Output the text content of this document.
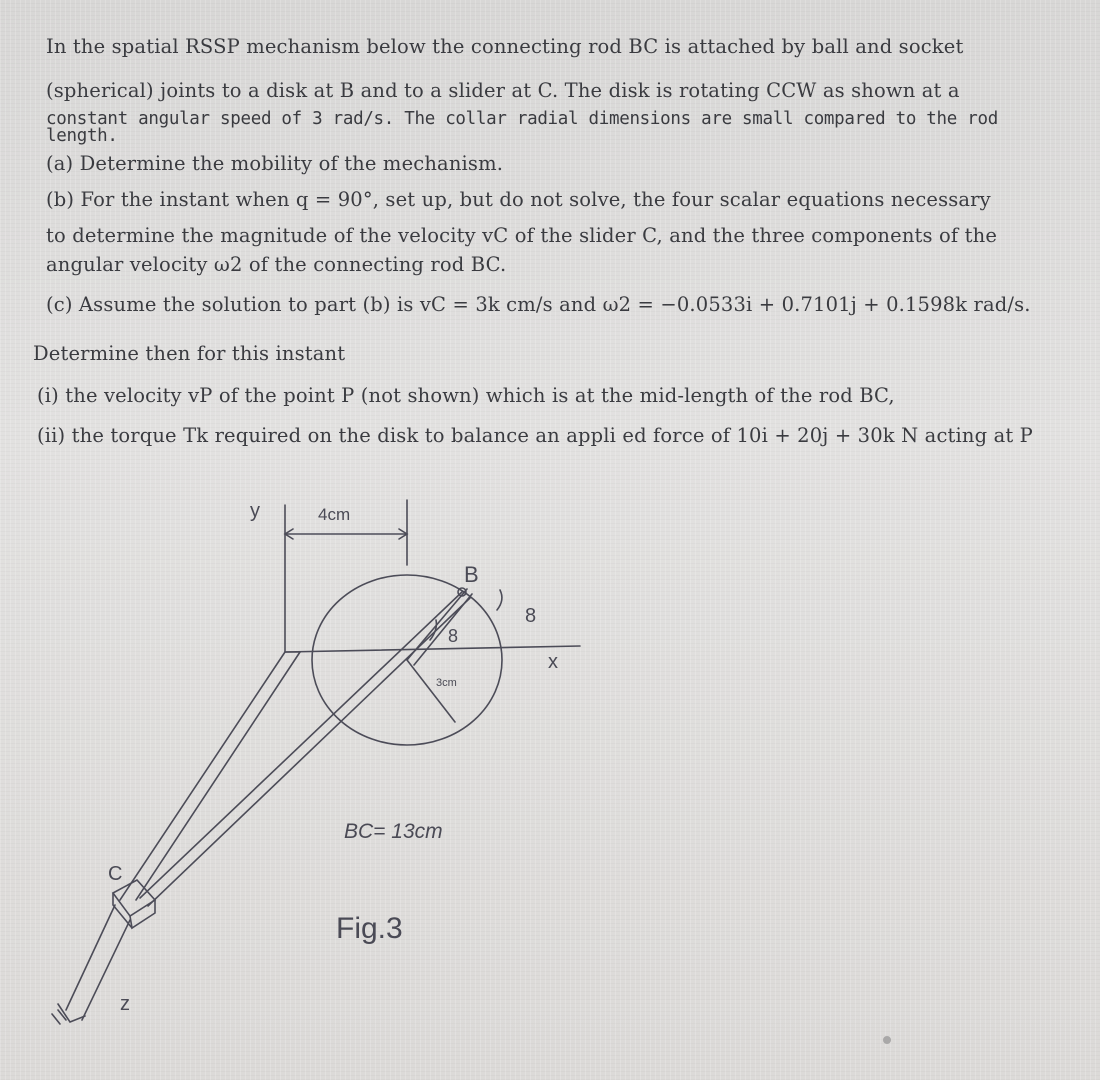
In the spatial RSSP mechanism below the connecting rod BC is attached by ball and socket
(spherical) joints to a disk at B and to a slider at C. The disk is rotating CCW as shown at a
constant angular speed of 3 rad/s. The collar radial dimensions are small compared to the rod
length.
(a) Determine the mobility of the mechanism.
(b) For the instant when q = 90°, set up, but do not solve, the four scalar equations necessary
to determine the magnitude of the velocity vC of the slider C, and the three components of the
angular velocity ω2 of the connecting rod BC.
(c) Assume the solution to part (b) is vC = 3k cm/s and ω2 = −0.0533i + 0.7101j + 0.1598k rad/s.
Determine then for this instant
(i) the velocity vP of the point P (not shown) which is at the mid-length of the rod BC,
(ii) the torque Tk required on the disk to balance an appli ed force of 10i + 20j + 30k N acting at P
y	4cm
B
8
8
x
3cm
BC= 13cm
C
z
Fig.3
